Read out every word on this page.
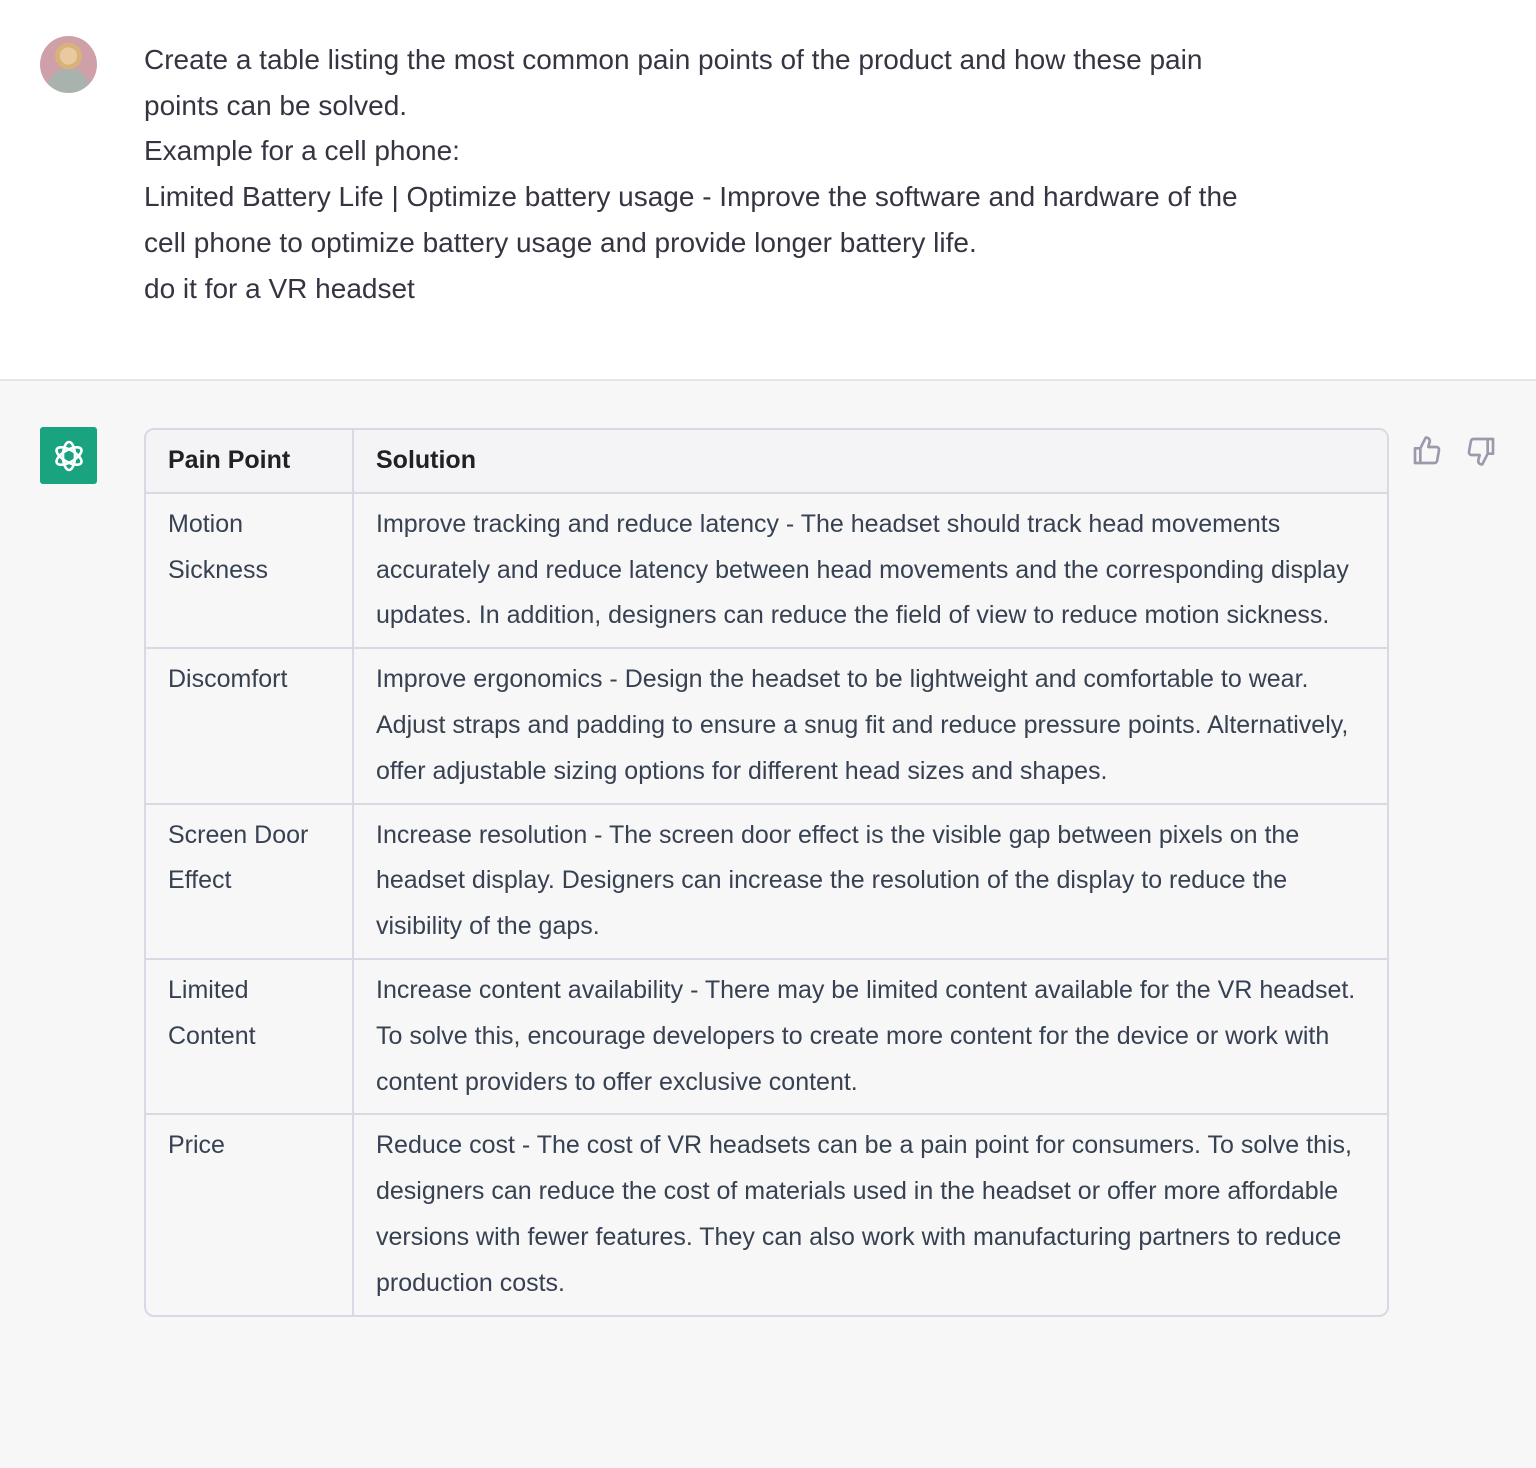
Create a table listing the most common pain points of the product and how these pain
points can be solved.
Example for a cell phone:
Limited Battery Life | Optimize battery usage - Improve the software and hardware of the
cell phone to optimize battery usage and provide longer battery life.
do it for a VR headset
Pain Point	Solution
Motion Sickness	Improve tracking and reduce latency - The headset should track head movements accurately and reduce latency between head movements and the corresponding display updates. In addition, designers can reduce the field of view to reduce motion sickness.
Discomfort	Improve ergonomics - Design the headset to be lightweight and comfortable to wear. Adjust straps and padding to ensure a snug fit and reduce pressure points. Alternatively, offer adjustable sizing options for different head sizes and shapes.
Screen Door Effect	Increase resolution - The screen door effect is the visible gap between pixels on the headset display. Designers can increase the resolution of the display to reduce the visibility of the gaps.
Limited Content	Increase content availability - There may be limited content available for the VR headset. To solve this, encourage developers to create more content for the device or work with content providers to offer exclusive content.
Price	Reduce cost - The cost of VR headsets can be a pain point for consumers. To solve this, designers can reduce the cost of materials used in the headset or offer more affordable versions with fewer features. They can also work with manufacturing partners to reduce production costs.
